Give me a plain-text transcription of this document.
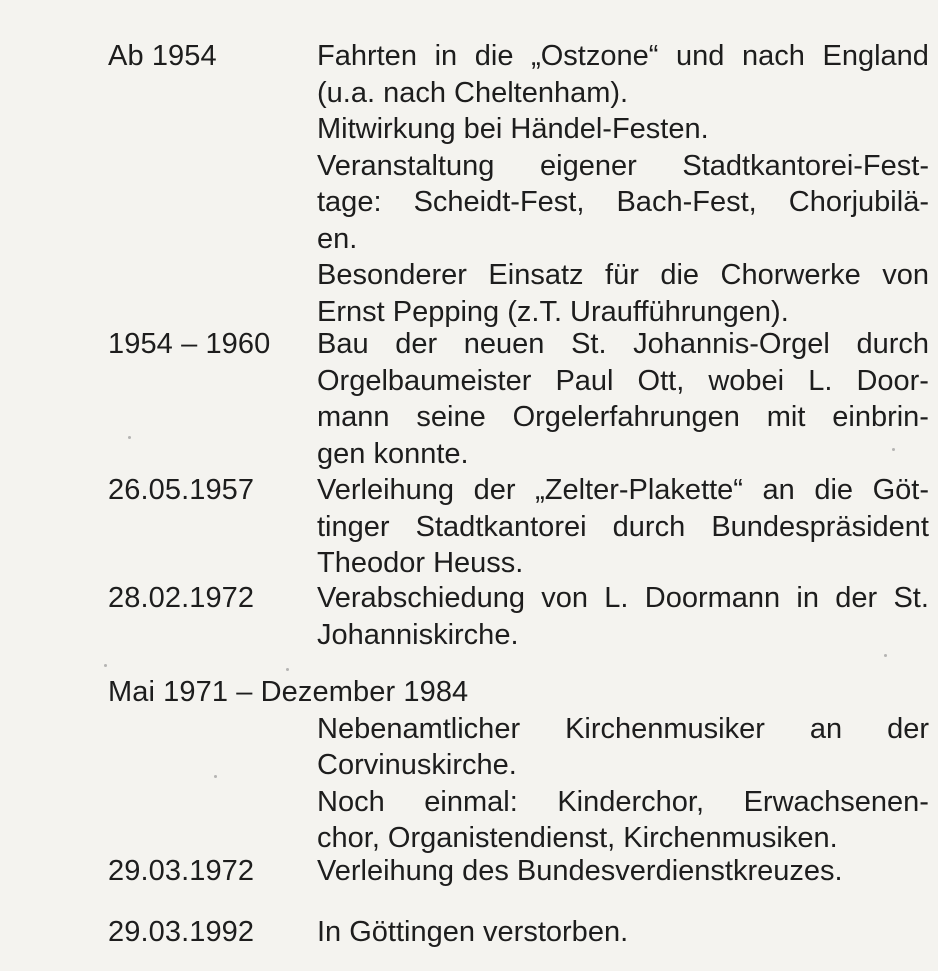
Ab 1954	Fahrten in die „Ostzone“ und nach England
(u.a. nach Cheltenham).
Mitwirkung bei Händel-Festen.
Veranstaltung eigener Stadtkantorei-Fest-
tage: Scheidt-Fest, Bach-Fest, Chorjubilä-
en.
Besonderer Einsatz für die Chorwerke von
Ernst Pepping (z.T. Uraufführungen).
1954 – 1960 Bau der neuen St. Johannis-Orgel durch
Orgelbaumeister Paul Ott, wobei L. Door-
mann seine Orgelerfahrungen mit einbrin-
gen konnte.
26.05.1957 Verleihung der „Zelter-Plakette“ an die Göt-
tinger Stadtkantorei durch Bundespräsident
Theodor Heuss.
28.02.1972 Verabschiedung von L. Doormann in der St.
Johanniskirche.
Mai 1971 – Dezember 1984
Nebenamtlicher Kirchenmusiker an der
Corvinuskirche.
Noch einmal: Kinderchor, Erwachsenen-
chor, Organistendienst, Kirchenmusiken.
29.03.1972 Verleihung des Bundesverdienstkreuzes.
29.03.1992 In Göttingen verstorben.
